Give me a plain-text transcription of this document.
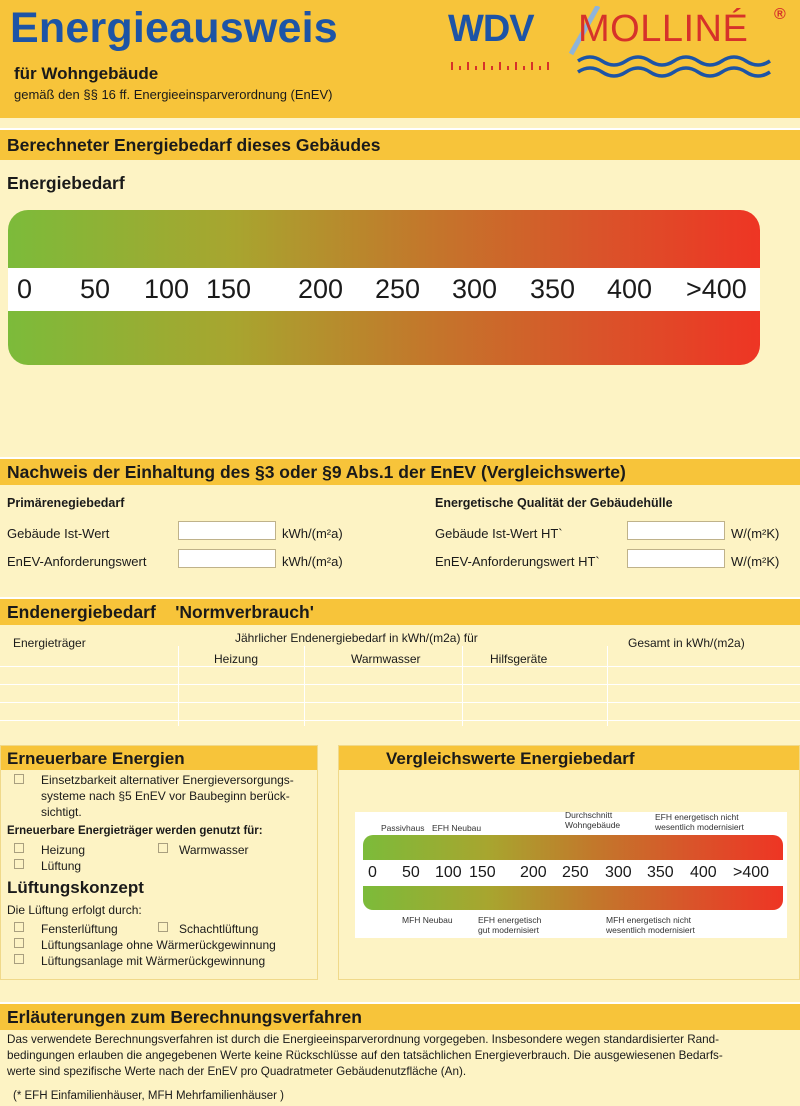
Energieausweis
für Wohngebäude
gemäß den §§ 16 ff. Energieeinsparverordnung (EnEV)
WDV MOLLINÉ ®
Berechneter Energiebedarf dieses Gebäudes
Energiebedarf
0 50 100 150 200 250 300 350 400 >400
Nachweis der Einhaltung des §3 oder §9 Abs.1 der EnEV (Vergleichswerte)
Primärenegiebedarf
Gebäude Ist-Wert	kWh/(m²a)
EnEV-Anforderungswert	kWh/(m²a)
Energetische Qualität der Gebäudehülle
Gebäude Ist-Wert HT`	W/(m²K)
EnEV-Anforderungswert HT`	W/(m²K)
Endenergiebedarf    'Normverbrauch'
Energieträger	Jährlicher Endenergiebedarf in kWh/(m2a) für
Heizung	Warmwasser	Hilfsgeräte
Gesamt in kWh/(m2a)
Erneuerbare Energien
Einsetzbarkeit alternativer Energieversorgungs-
systeme nach §5 EnEV vor Baubeginn berück-
sichtigt.
Erneuerbare Energieträger werden genutzt für:
Heizung	Warmwasser
Lüftung
Lüftungskonzept
Die Lüftung erfolgt durch:
Fensterlüftung	Schachtlüftung
Lüftungsanlage ohne Wärmerückgewinnung
Lüftungsanlage mit Wärmerückgewinnung
Vergleichswerte Energiebedarf
Passivhaus EFH Neubau
Durchschnitt
Wohngebäude
EFH energetisch nicht
wesentlich modernisiert
0 50 100 150 200 250 300 350 400 >400
MFH Neubau	EFH energetisch
gut modernisiert
MFH energetisch nicht
wesentlich modernisiert
Erläuterungen zum Berechnungsverfahren
Das verwendete Berechnungsverfahren ist durch die Energieeinsparverordnung vorgegeben. Insbesondere wegen standardisierter Rand-
bedingungen erlauben die angegebenen Werte keine Rückschlüsse auf den tatsächlichen Energieverbrauch. Die ausgewiesenen Bedarfs-
werte sind spezifische Werte nach der EnEV pro Quadratmeter Gebäudenutzfläche (An).
(* EFH Einfamilienhäuser, MFH Mehrfamilienhäuser )
